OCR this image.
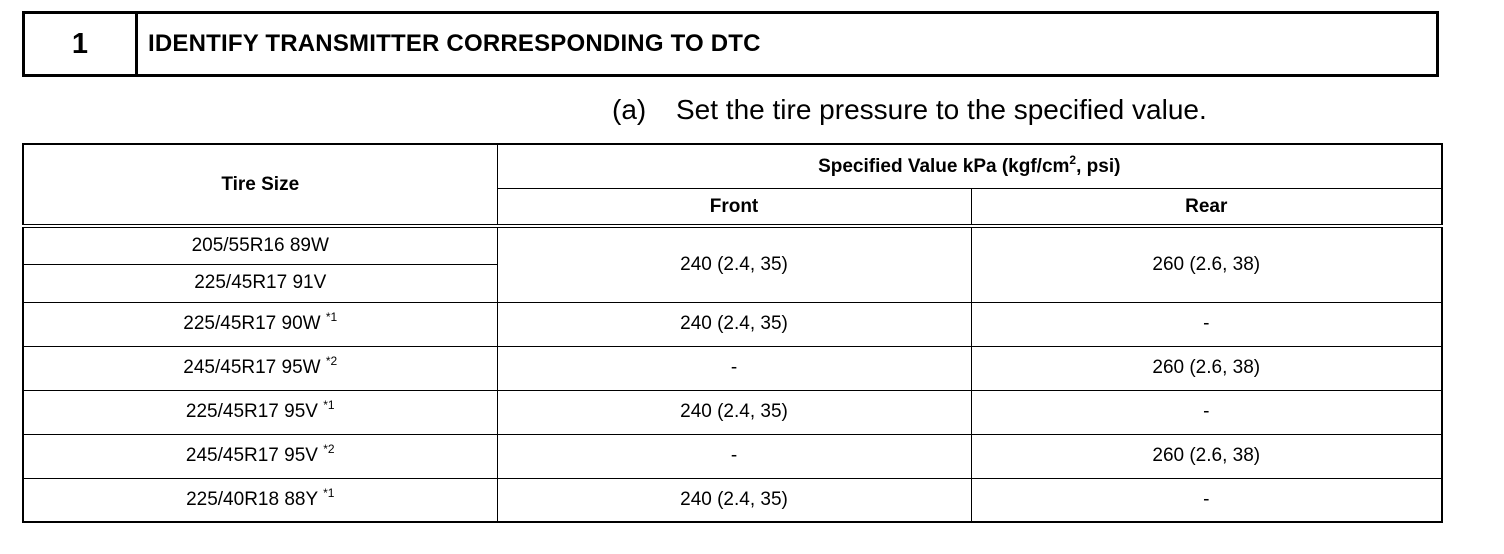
1	IDENTIFY TRANSMITTER CORRESPONDING TO DTC
(a) Set the tire pressure to the specified value.
Tire Size	Specified Value kPa ($kgf/cm^2$, psi)	
	Front	Rear
205/55R16 89W	240 (2.4, 35)	260 (2.6, 38)
225/45R17 91V		
225/45R17 90W $^{*1}$	240 (2.4, 35)	-
245/45R17 95W $^{*2}$	-	260 (2.6, 38)
225/45R17 95V $^{*1}$	240 (2.4, 35)	-
245/45R17 95V $^{*2}$	-	260 (2.6, 38)
225/40R18 88Y $^{*1}$	240 (2.4, 35)	-
